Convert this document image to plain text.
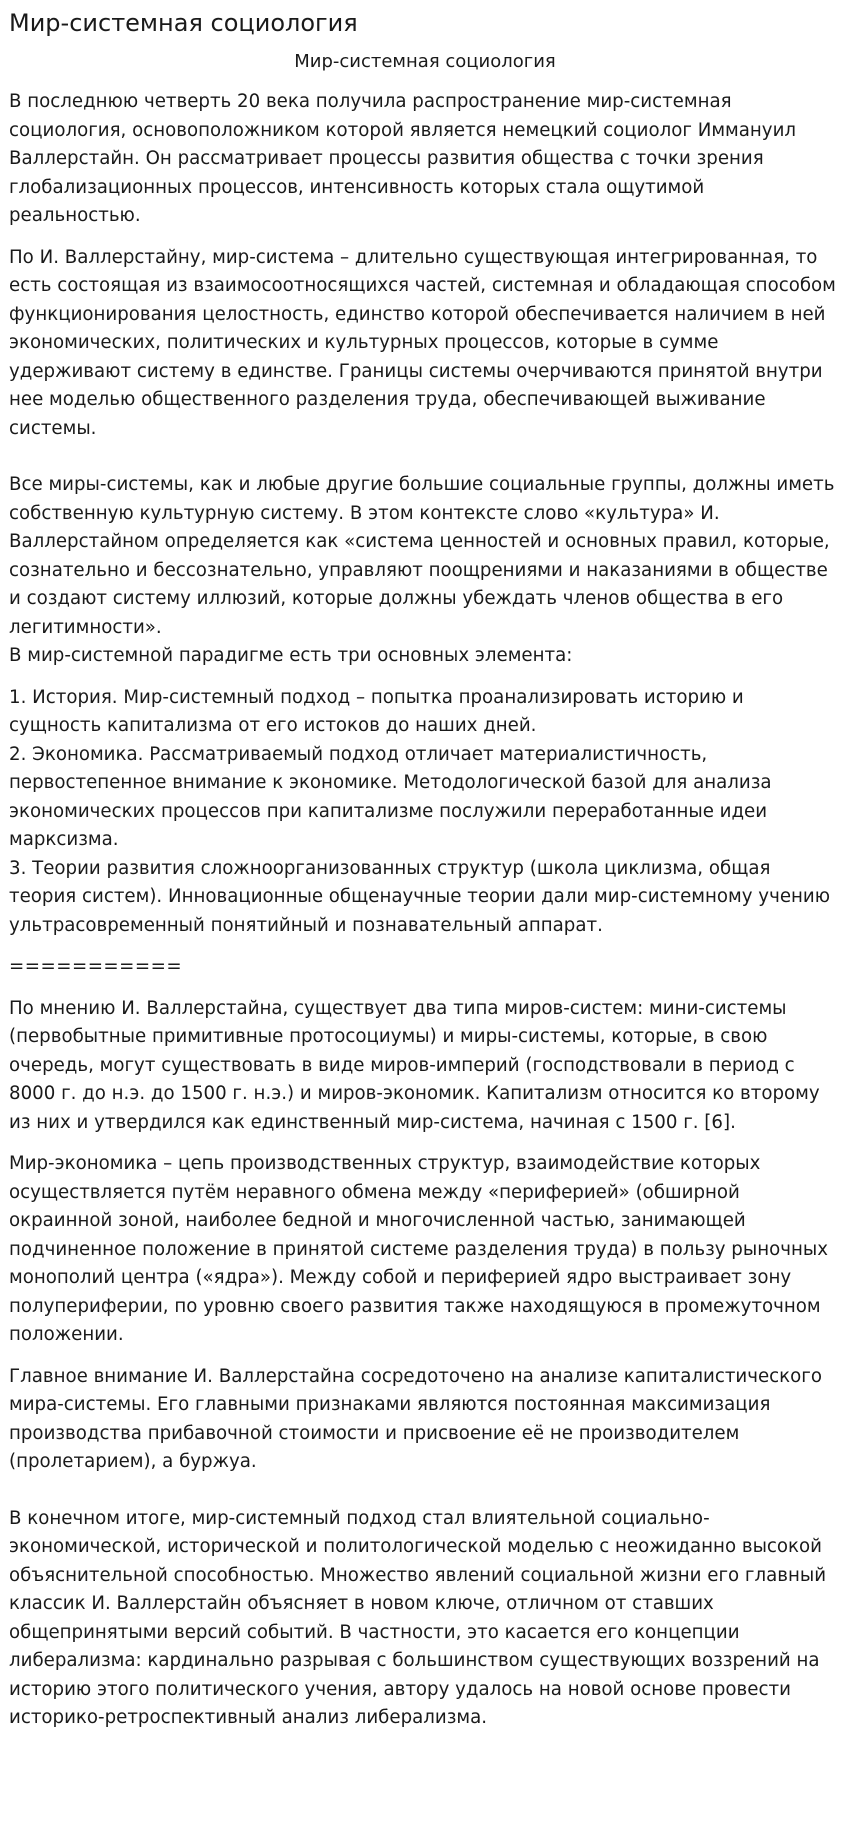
Мир-системная социология
Мир-системная социология

В последнюю четверть 20 века получила распространение мир-системная социология, основоположником которой является немецкий социолог Иммануил Валлерстайн. Он рассматривает процессы развития общества с точки зрения глобализационных процессов, интенсивность которых стала ощутимой реальностью.

По И. Валлерстайну, мир-система – длительно существующая интегрированная, то есть состоящая из взаимосоотносящихся частей, системная и обладающая способом функционирования целостность, единство которой обеспечивается наличием в ней экономических, политических и культурных процессов, которые в сумме удерживают систему в единстве. Границы системы очерчиваются принятой внутри нее моделью общественного разделения труда, обеспечивающей выживание системы.

Все миры-системы, как и любые другие большие социальные группы, должны иметь собственную культурную систему. В этом контексте слово «культура» И. Валлерстайном определяется как «система ценностей и основных правил, которые, сознательно и бессознательно, управляют поощрениями и наказаниями в обществе и создают систему иллюзий, которые должны убеждать членов общества в его легитимности».

В мир-системной парадигме есть три основных элемента:

1. История. Мир-системный подход – попытка проанализировать историю и сущность капитализма от его истоков до наших дней.
2. Экономика. Рассматриваемый подход отличает материалистичность, первостепенное внимание к экономике. Методологической базой для анализа экономических процессов при капитализме послужили переработанные идеи марксизма.
3. Теории развития сложноорганизованных структур (школа циклизма, общая теория систем). Инновационные общенаучные теории дали мир-системному учению ультрасовременный понятийный и познавательный аппарат.

===========

По мнению И. Валлерстайна, существует два типа миров-систем: мини-системы (первобытные примитивные протосоциумы) и миры-системы, которые, в свою очередь, могут существовать в виде миров-империй (господствовали в период с 8000 г. до н.э. до 1500 г. н.э.) и миров-экономик. Капитализм относится ко второму из них и утвердился как единственный мир-система, начиная с 1500 г. [6].

Мир-экономика – цепь производственных структур, взаимодействие которых осуществляется путём неравного обмена между «периферией» (обширной окраинной зоной, наиболее бедной и многочисленной частью, занимающей подчиненное положение в принятой системе разделения труда) в пользу рыночных монополий центра («ядра»). Между собой и периферией ядро выстраивает зону полупериферии, по уровню своего развития также находящуюся в промежуточном положении.

Главное внимание И. Валлерстайна сосредоточено на анализе капиталистического мира-системы. Его главными признаками являются постоянная максимизация производства прибавочной стоимости и присвоение её не производителем (пролетарием), а буржуа.

В конечном итоге, мир-системный подход стал влиятельной социально-экономической, исторической и политологической моделью с неожиданно высокой объяснительной способностью. Множество явлений социальной жизни его главный классик И. Валлерстайн объясняет в новом ключе, отличном от ставших общепринятыми версий событий. В частности, это касается его концепции либерализма: кардинально разрывая с большинством существующих воззрений на историю этого политического учения, автору удалось на новой основе провести историко-ретроспективный анализ либерализма.
